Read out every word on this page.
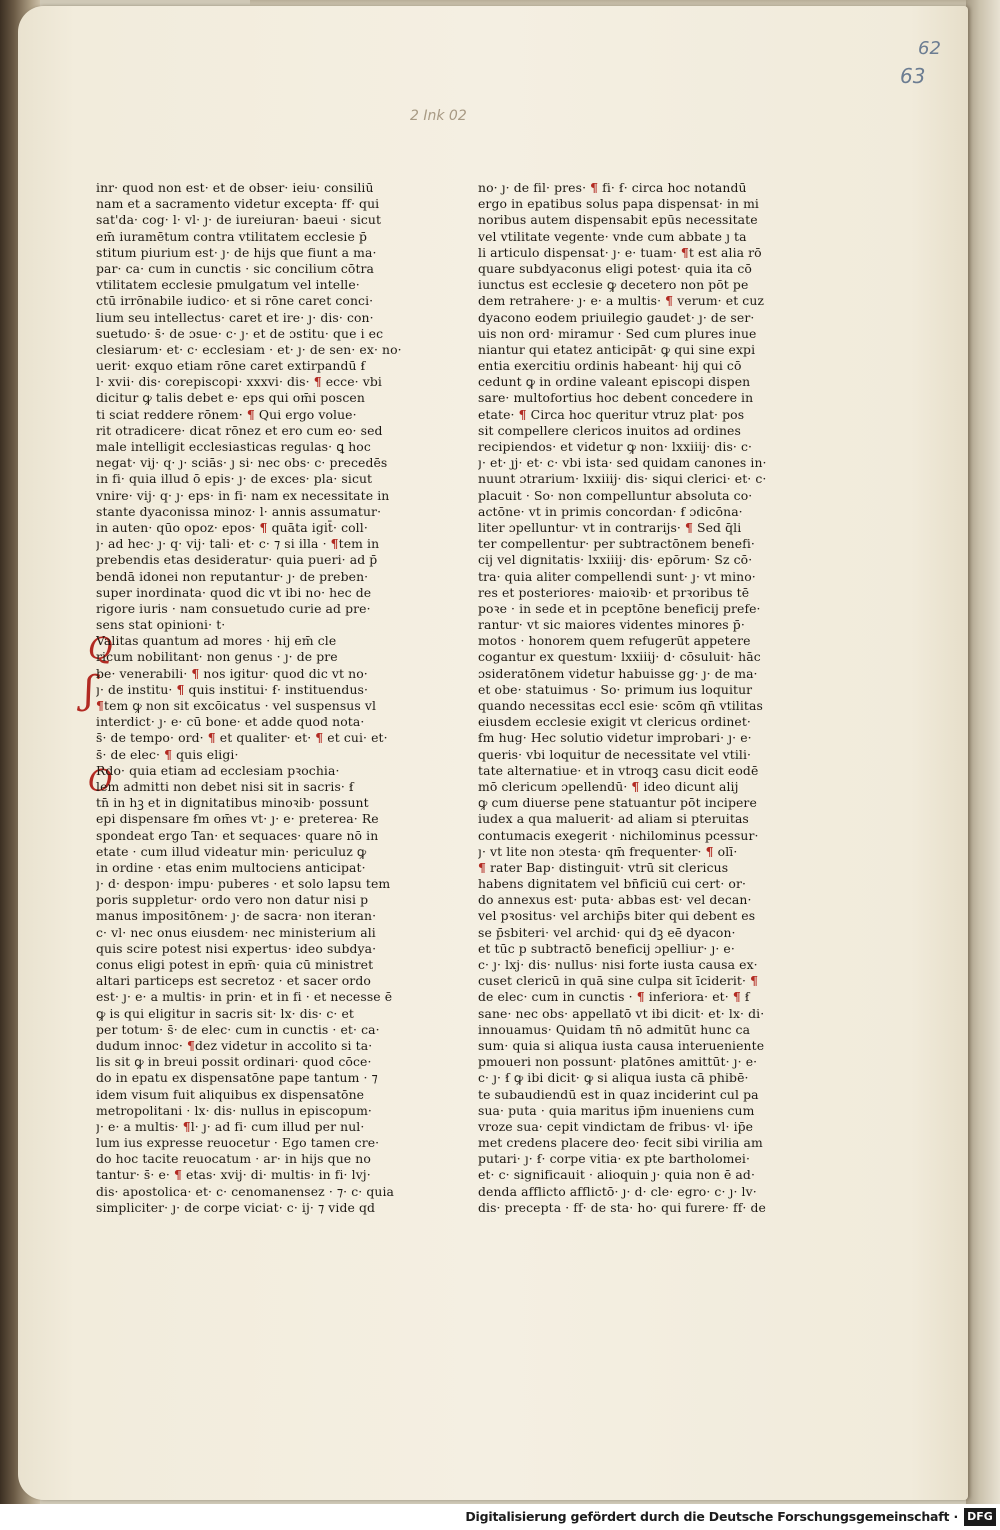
62
63
2 Ink 02
Q
ʃ
O
inr· quod non est· et de obser· ieiu· consiliū
nam et a sacramento videtur excepta· ff· qui
sat'da· cog· l· vl· ȷ· de iureiuran· baeui · sicut
em̄ iuramētum contra vtilitatem ecclesie p̄
stitum piurium est· ȷ· de hijs que fiunt a ma·
par· ca· cum in cunctis · sic concilium cōtra
vtilitatem ecclesie pmulgatum vel intelle·
ctū irrōnabile iudico· et si rōne caret conci·
lium seu intellectus· caret et ire· ȷ· dis· con·
suetudo· s̄· de ɔsue· c· ȷ· et de ɔstitu· que i ec
clesiarum· et· c· ecclesiam · et· ȷ· de sen· ex· no·
uerit· exquo etiam rōne caret extirpandū ẜ
l· xvii· dis· corepiscopi· xxxvi· dis· ¶ ecce· vbi
dicitur ꝙ talis debet e· eps qui om̄i poscen
ti sciat reddere rōnem· ¶ Qui ergo volue·
rit otradicere· dicat rōnez et ero cum eo· sed
male intelligit ecclesiasticas regulas· ꝗ hoc
negat· vij· q· ȷ· sciās· ȷ si· nec obs· c· precedēs
in fi· quia illud ō epis· ȷ· de exces· pla· sicut
vnire· vij· q· ȷ· eps· in fi· nam ex necessitate in
stante dyaconissa minoz· l· annis assumatur·
in auten· qūo opoz· epos· ¶ quāta igit̄· coll·
ȷ· ad hec· ȷ· q· vij· tali· et· c· ⁊ si illa · ¶tem in
prebendis etas desideratur· quia pueri· ad p̄
bendā idonei non reputantur· ȷ· de preben·
super inordinata· quod dic vt ibi no· hec de
rigore iuris · nam consuetudo curie ad pre·
sens stat opinioni· t·
Valitas quantum ad mores · hij em̄ cle
ricum nobilitant· non genus · ȷ· de pre
be· venerabili· ¶ nos igitur· quod dic vt no·
ȷ· de institu· ¶ quis institui· ẜ· instituendus·
¶tem ꝙ non sit excōicatus · vel suspensus vl
interdict· ȷ· e· cū bone· et adde quod nota·
s̄· de tempo· ord· ¶ et qualiter· et· ¶ et cui· et·
s̄· de elec· ¶ quis eligi·
Rdo· quia etiam ad ecclesiam pꝛochia·
lem admitti non debet nisi sit in sacris· ẜ
tn̄ in hꝫ et in dignitatibus minoꝛib· possunt
epi dispensare ẜm om̄es vt· ȷ· e· preterea· Re
spondeat ergo Tan· et sequaces· quare nō in
etate · cum illud videatur min· periculuz ꝙ
in ordine · etas enim multociens anticipat·
ȷ· d· despon· impu· puberes · et solo lapsu tem
poris suppletur· ordo vero non datur nisi p
manus impositōnem· ȷ· de sacra· non iteran·
c· vl· nec onus eiusdem· nec ministerium ali
quis scire potest nisi expertus· ideo subdya·
conus eligi potest in epm̄· quia cū ministret
altari particeps est secretoz · et sacer ordo
est· ȷ· e· a multis· in prin· et in fi · et necesse ē
ꝙ is qui eligitur in sacris sit· lx· dis· c· et
per totum· s̄· de elec· cum in cunctis · et· ca·
dudum innoc· ¶dez videtur in accolito si ta·
lis sit ꝙ in breui possit ordinari· quod cōce·
do in epatu ex dispensatōne pape tantum · ⁊
idem visum fuit aliquibus ex dispensatōne
metropolitani · lx· dis· nullus in episcopum·
ȷ· e· a multis· ¶l· ȷ· ad fi· cum illud per nul·
lum ius expresse reuocetur · Ego tamen cre·
do hoc tacite reuocatum · ar· in hijs que no
tantur· s̄· e· ¶ etas· xvij· di· multis· in fi· lvj·
dis· apostolica· et· c· cenomanensez · ⁊· c· quia
simpliciter· ȷ· de corpe viciat· c· ij· ⁊ vide qd
no· ȷ· de fil· pres· ¶ fi· ẜ· circa hoc notandū
ergo in epatibus solus papa dispensat· in mi
noribus autem dispensabit epūs necessitate
vel vtilitate vegente· vnde cum abbate ȷ ta
li articulo dispensat· ȷ· e· tuam· ¶t est alia rō
quare subdyaconus eligi potest· quia ita cō
iunctus est ecclesie ꝙ decetero non pōt pe
dem retrahere· ȷ· e· a multis· ¶ verum· et cuz
dyacono eodem priuilegio gaudet· ȷ· de ser·
uis non ord· miramur · Sed cum plures inue
niantur qui etatez anticipāt· ꝙ qui sine expi
entia exercitiu ordinis habeant· hij qui cō
cedunt ꝙ in ordine valeant episcopi dispen
sare· multofortius hoc debent concedere in
etate· ¶ Circa hoc queritur vtruz plat· pos
sit compellere clericos inuitos ad ordines
recipiendos· et videtur ꝙ non· lxxiiij· dis· c·
ȷ· et· ȷj· et· c· vbi ista· sed quidam canones in·
nuunt ɔtrarium· lxxiiij· dis· siqui clerici· et· c·
placuit · So· non compelluntur absoluta co·
actōne· vt in primis concordan· ẜ ɔdicōna·
liter ɔpelluntur· vt in contrarijs· ¶ Sed q̄li
ter compellentur· per subtractōnem benefi·
cij vel dignitatis· lxxiiij· dis· epōrum· Sz cō·
tra· quia aliter compellendi sunt· ȷ· vt mino·
res et posteriores· maioꝛib· et prꝛoribus tē
poꝛe · in sede et in pceptōne beneficij prefe·
rantur· vt sic maiores videntes minores p̄·
motos · honorem quem refugerūt appetere
cogantur ex questum· lxxiiij· d· cōsuluit· hāc
ɔsideratōnem videtur habuisse gg· ȷ· de ma·
et obe· statuimus · So· primum ius loquitur
quando necessitas eccl esie· scōm qn̄ vtilitas
eiusdem ecclesie exigit vt clericus ordinet·
ẜm hug· Hec solutio videtur improbari· ȷ· e·
queris· vbi loquitur de necessitate vel vtili·
tate alternatiue· et in vtroqꝫ casu dicit eodē
mō clericum ɔpellendū· ¶ ideo dicunt alij
ꝙ cum diuerse pene statuantur pōt incipere
iudex a qua maluerit· ad aliam si pteruitas
contumacis exegerit · nichilominus pcessur·
ȷ· vt lite non ɔtesta· qm̄ frequenter· ¶ olī·
¶ rater Bap· distinguit· vtrū sit clericus
habens dignitatem vel bn̄ficiū cui cert· or·
do annexus est· puta· abbas est· vel decan·
vel pꝛositus· vel archip̄s biter qui debent es
se p̄sbiteri· vel archid· qui dꝫ eē dyacon·
et tūc p subtractō beneficij ɔpelliur· ȷ· e·
c· ȷ· lxj· dis· nullus· nisi forte iusta causa ex·
cuset clericū in quā sine culpa sit īciderit· ¶
de elec· cum in cunctis · ¶ inferiora· et· ¶ ẜ
sane· nec obs· appellatō vt ibi dicit· et· lx· di·
innouamus· Quidam tn̄ nō admitūt hunc ca
sum· quia si aliqua iusta causa interueniente
pmoueri non possunt· platōnes amittūt· ȷ· e·
c· ȷ· ẜ ꝙ ibi dicit· ꝙ si aliqua iusta cā phibē·
te subaudiendū est in quaz inciderint cul pa
sua· puta · quia maritus ip̄m inueniens cum
vroze sua· cepit vindictam de fribus· vl· ip̄e
met credens placere deo· fecit sibi virilia am
putari· ȷ· ẜ· corpe vitia· ex pte bartholomei·
et· c· significauit · alioquin ȷ· quia non ē ad·
denda afflicto afflictō· ȷ· d· cle· egro· c· ȷ· lv·
dis· precepta · ff· de sta· ho· qui furere· ff· de
Digitalisierung gefördert durch die Deutsche Forschungsgemeinschaft · DFG
